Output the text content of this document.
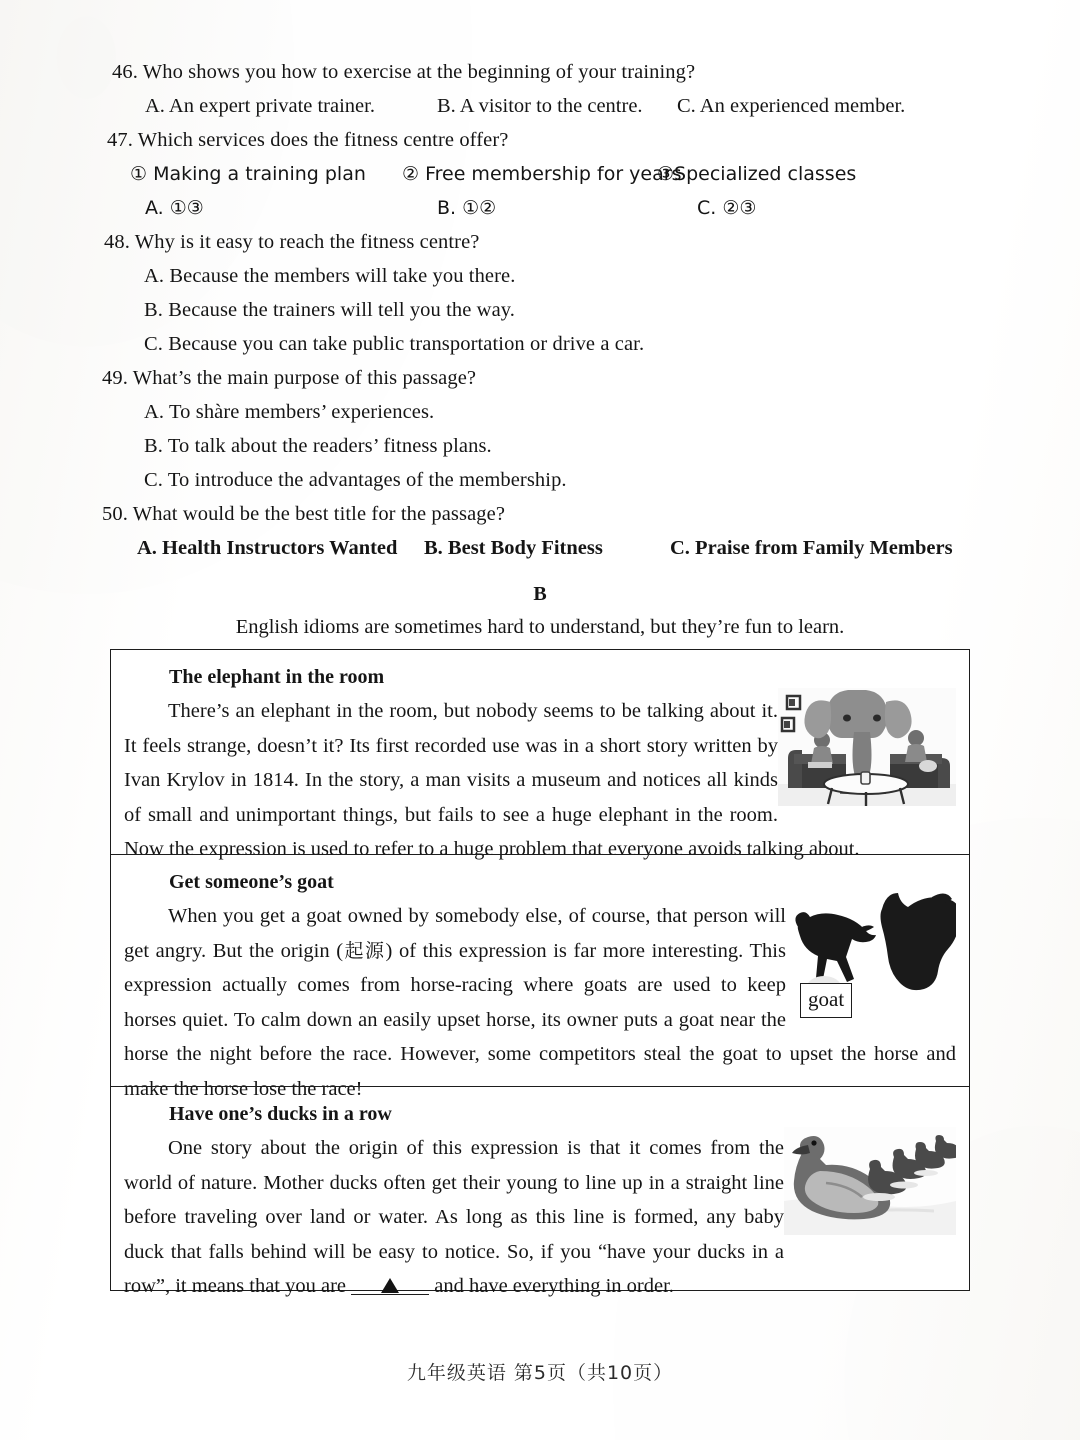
46. Who shows you how to exercise at the beginning of your training?
A. An expert private trainer.	B. A visitor to the centre. C. An experienced member.
47. Which services does the fitness centre offer?
① Making a training plan ② Free membership for years
③Specialized classes
A. ①③	B. ①②	C. ②③
48. Why is it easy to reach the fitness centre?
A. Because the members will take you there.
B. Because the trainers will tell you the way.
C. Because you can take public transportation or drive a car.
49. What’s the main purpose of this passage?
A. To shàre members’ experiences.
B. To talk about the readers’ fitness plans.
C. To introduce the advantages of the membership.
50. What would be the best title for the passage?
A. Health Instructors Wanted B. Best Body Fitness	C. Praise from Family Members
B
English idioms are sometimes hard to understand, but they’re fun to learn.
The elephant in the room

There’s an elephant in the room, but nobody seems to be talking about it. It feels strange, doesn’t it? Its first recorded use was in a short story written by Ivan Krylov in 1814. In the story, a man visits a museum and notices all kinds of small and unimportant things, but fails to see a huge elephant in the room. Now the expression is used to refer to a huge problem that everyone avoids talking about.

goat
Get someone’s goat

When you get a goat owned by somebody else, of course, that person will get angry. But the origin (起源) of this expression is far more interesting. This expression actually comes from horse-racing where goats are used to keep horses quiet. To calm down an easily upset horse, its owner puts a goat near the horse the night before the race. However, some competitors steal the goat to upset the horse and make the horse lose the race!

Have one’s ducks in a row

One story about the origin of this expression is that it comes from the world of nature. Mother ducks often get their young to line up in a straight line before traveling over land or water. As long as this line is formed, any baby duck that falls behind will be easy to notice. So, if you “have your ducks in a row”, it means that you are	and have everything in order.

九年级英语 第5页（共10页）
